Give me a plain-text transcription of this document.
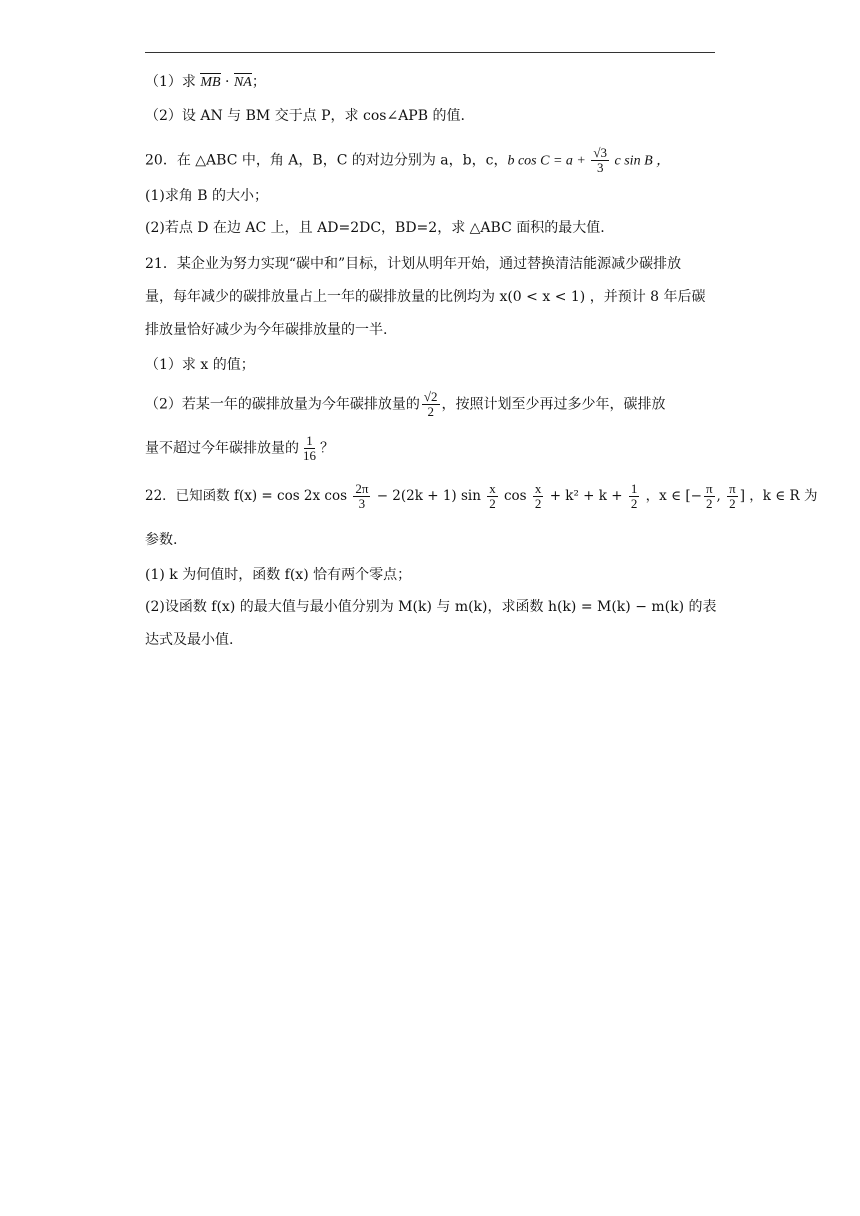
（1）求 MB · NA；
（2）设 AN 与 BM 交于点 P，求 cos∠APB 的值.
20．在 △ABC 中，角 A，B，C 的对边分别为 a，b，c，b $\cos C = a + \frac{√3}{3}$ c sin B ，
(1)求角 B 的大小；
(2)若点 D 在边 AC 上，且 AD=2DC，BD=2，求 △ABC 面积的最大值.
21．某企业为努力实现“碳中和”目标，计划从明年开始，通过替换清洁能源减少碳排放
量，每年减少的碳排放量占上一年的碳排放量的比例均为 x(0 < x < 1) ，并预计 8 年后碳
排放量恰好减少为今年碳排放量的一半.
（1）求 x 的值；
（2）若某一年的碳排放量为今年碳排放量的 $\frac{√2}{2}$ ，按照计划至少再过多少年，碳排放
量不超过今年碳排放量的 $\frac{1}{16}$ ？
22．已知函数 f(x) = cos 2x $\cos \frac{2\pi}{3} - 2(2k + 1)$ $\sin \frac{x}{2}$ $\cos \frac{x}{2} + k^2 + k + \frac{1}{2}$ ，x ∈ [− $\frac{\pi}{2}$ , $\frac{\pi}{2}$ ] ，k ∈ R 为
参数.
(1) k 为何值时，函数 f(x) 恰有两个零点；
(2)设函数 f(x) 的最大值与最小值分别为 M(k) 与 m(k)，求函数 h(k) = M(k) − m(k) 的表
达式及最小值.
